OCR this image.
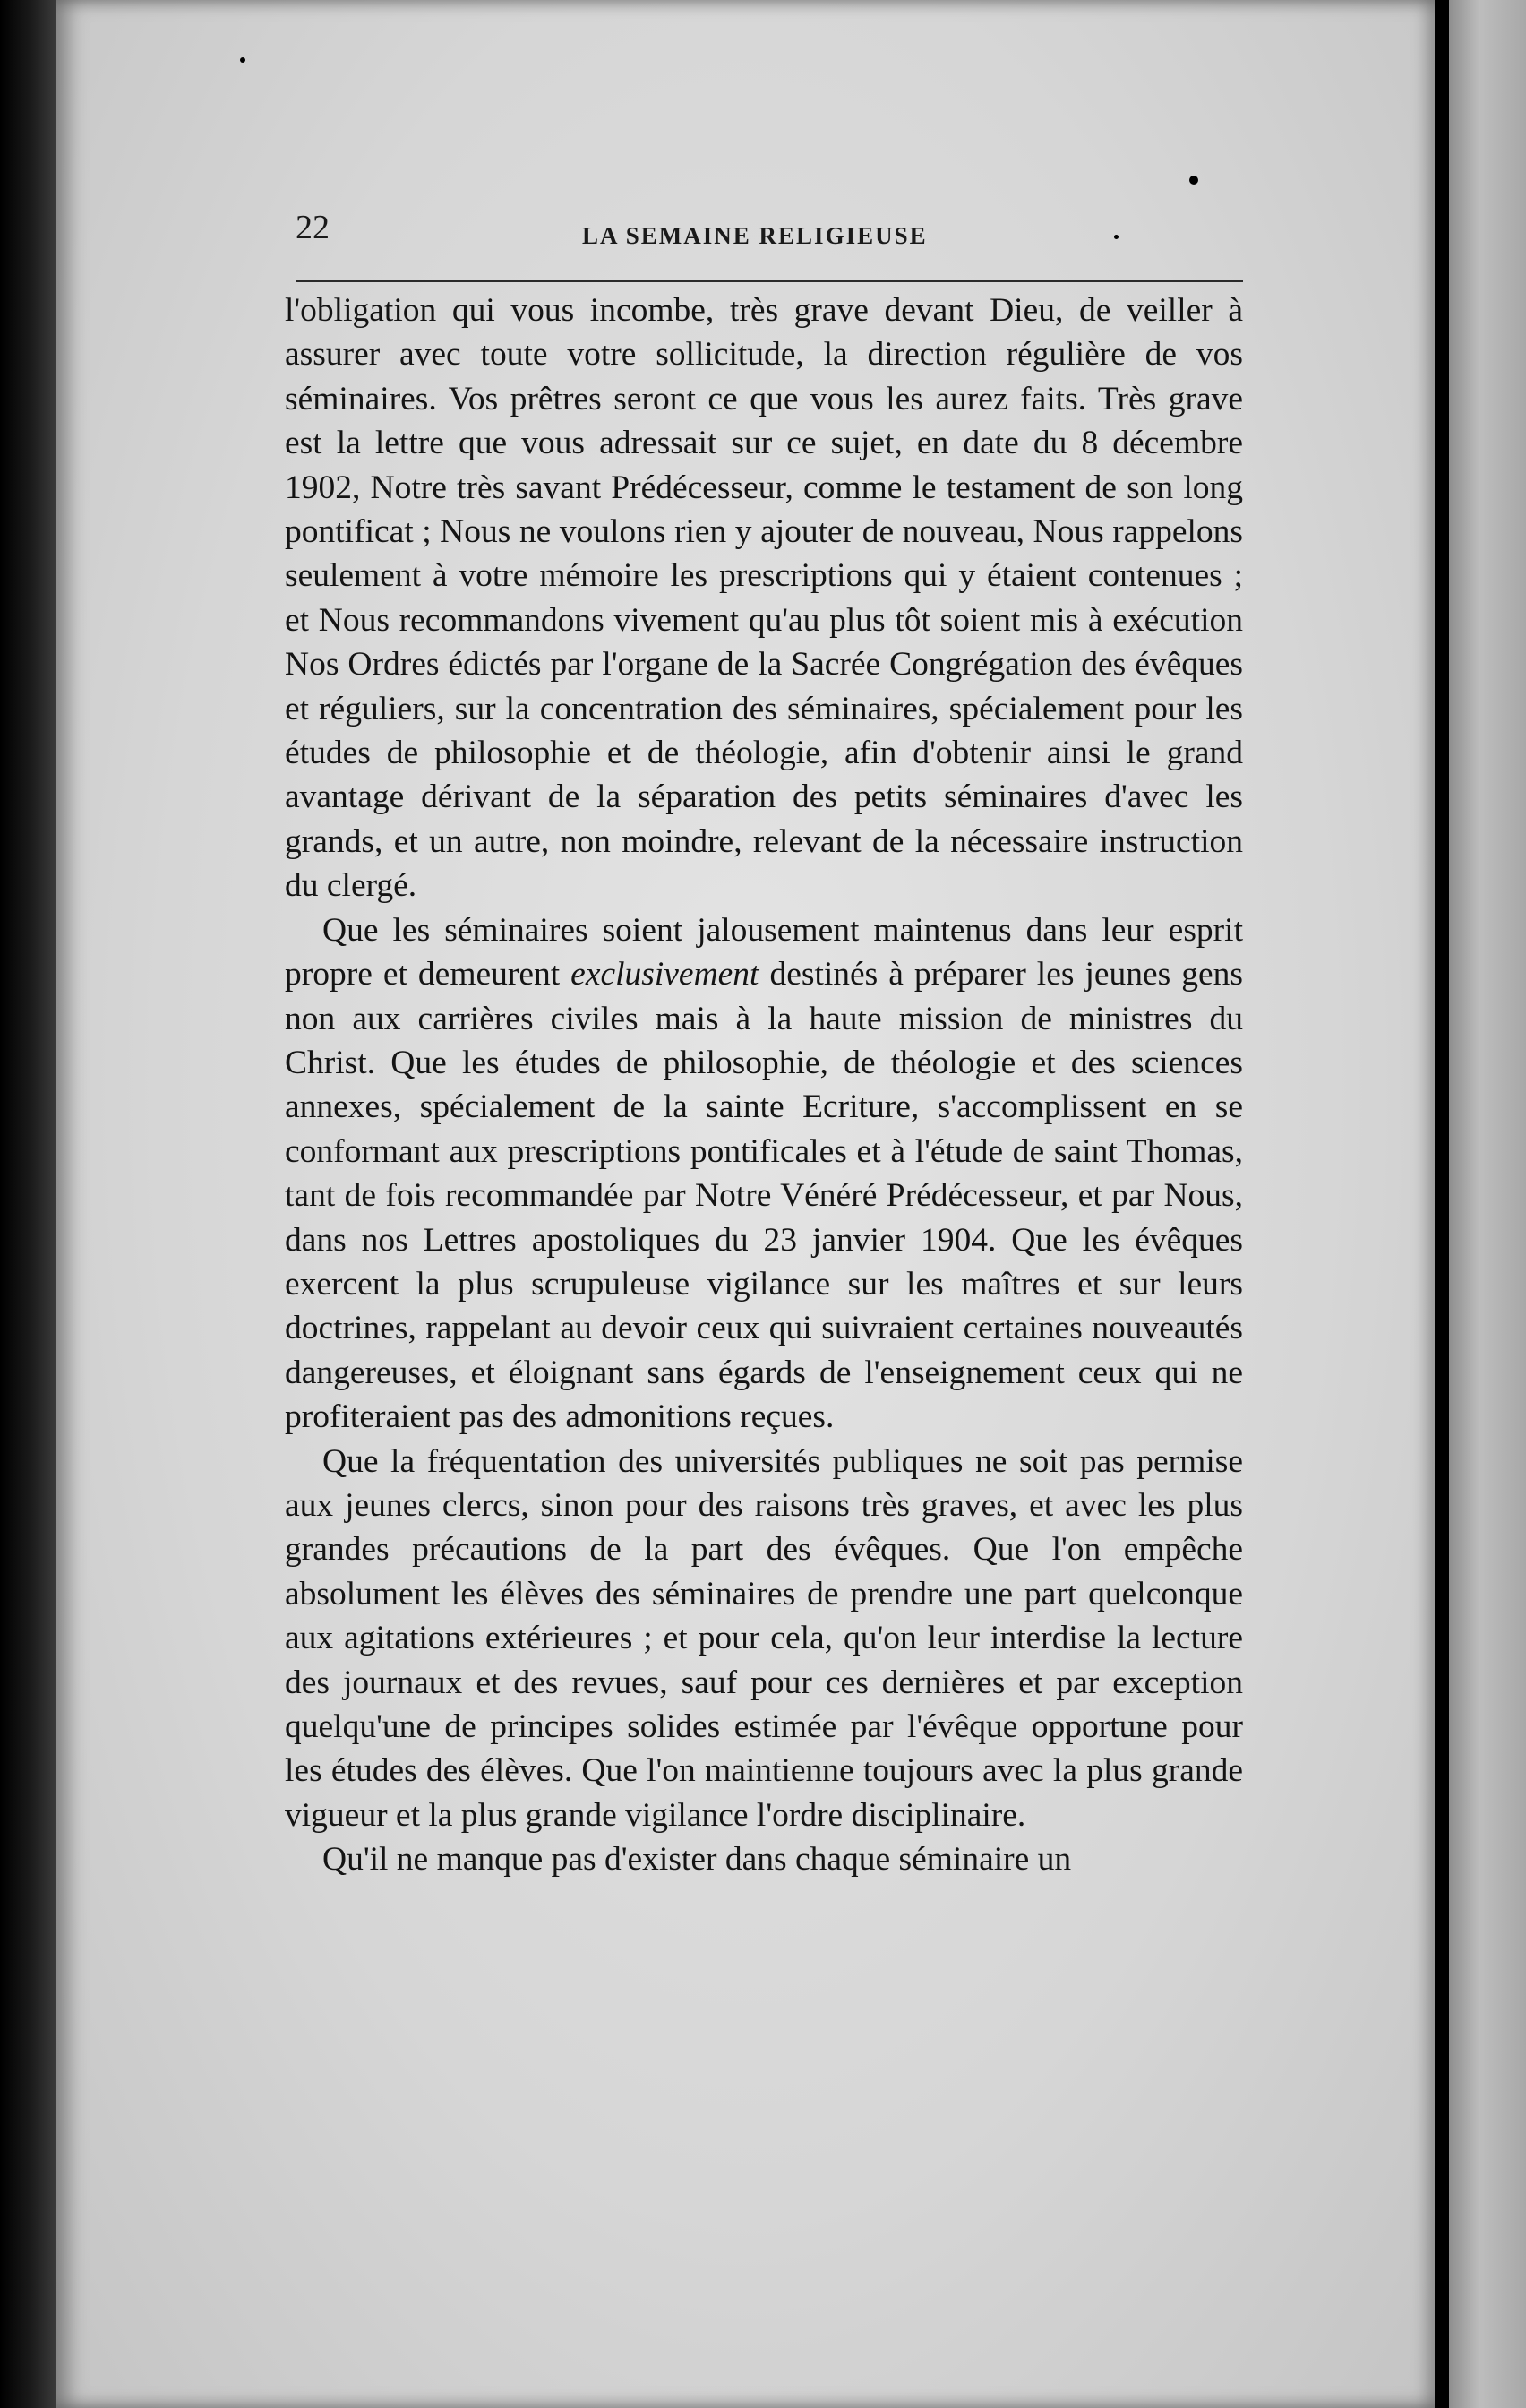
22	LA SEMAINE RELIGIEUSE

l'obligation qui vous incombe, très grave devant Dieu, de veiller à assurer avec toute votre sollicitude, la direction régulière de vos séminaires. Vos prêtres seront ce que vous les aurez faits. Très grave est la lettre que vous adressait sur ce sujet, en date du 8 décembre 1902, Notre très savant Prédécesseur, comme le testament de son long pontificat ; Nous ne voulons rien y ajouter de nouveau, Nous rappelons seulement à votre mémoire les prescriptions qui y étaient contenues ; et Nous recommandons vivement qu'au plus tôt soient mis à exécution Nos Ordres édictés par l'organe de la Sacrée Congrégation des évêques et réguliers, sur la concentration des séminaires, spécialement pour les études de philosophie et de théologie, afin d'obtenir ainsi le grand avantage dérivant de la séparation des petits séminaires d'avec les grands, et un autre, non moindre, relevant de la nécessaire instruction du clergé.

Que les séminaires soient jalousement maintenus dans leur esprit propre et demeurent exclusivement destinés à préparer les jeunes gens non aux carrières civiles mais à la haute mission de ministres du Christ. Que les études de philosophie, de théologie et des sciences annexes, spécialement de la sainte Ecriture, s'accomplissent en se conformant aux prescriptions pontificales et à l'étude de saint Thomas, tant de fois recommandée par Notre Vénéré Prédécesseur, et par Nous, dans nos Lettres apostoliques du 23 janvier 1904. Que les évêques exercent la plus scrupuleuse vigilance sur les maîtres et sur leurs doctrines, rappelant au devoir ceux qui suivraient certaines nouveautés dangereuses, et éloignant sans égards de l'enseignement ceux qui ne profiteraient pas des admonitions reçues.

Que la fréquentation des universités publiques ne soit pas permise aux jeunes clercs, sinon pour des raisons très graves, et avec les plus grandes précautions de la part des évêques. Que l'on empêche absolument les élèves des séminaires de prendre une part quelconque aux agitations extérieures ; et pour cela, qu'on leur interdise la lecture des journaux et des revues, sauf pour ces dernières et par exception quelqu'une de principes solides estimée par l'évêque opportune pour les études des élèves. Que l'on maintienne toujours avec la plus grande vigueur et la plus grande vigilance l'ordre disciplinaire.

Qu'il ne manque pas d'exister dans chaque séminaire un
